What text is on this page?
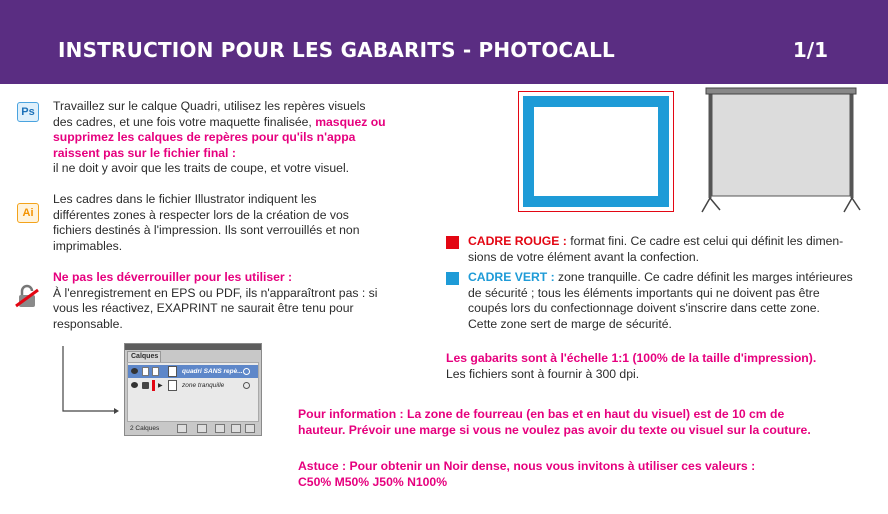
INSTRUCTION POUR LES GABARITS - PHOTOCALL	1/1
Ps	Travaillez sur le calque Quadri, utilisez les repères visuels
des cadres, et une fois votre maquette finalisée, masquez ou
supprimez les calques de repères pour qu'ils n'appa
raissent pas sur le fichier final :
il ne doit y avoir que les traits de coupe, et votre visuel.
Ai
Les cadres dans le fichier Illustrator indiquent les
différentes zones à respecter lors de la création de vos
fichiers destinés à l'impression. Ils sont verrouillés et non
imprimables.
Ne pas les déverrouiller pour les utiliser :
À l'enregistrement en EPS ou PDF, ils n'apparaîtront pas : si
vous les réactivez, EXAPRINT ne saurait être tenu pour
responsable.
Calques
quadri SANS repè...
▶	zone tranquille
2 Calques
CADRE ROUGE : format fini. Ce cadre est celui qui définit les dimen-
sions de votre élément avant la confection.
CADRE VERT : zone tranquille. Ce cadre définit les marges intérieures
de sécurité ; tous les éléments importants qui ne doivent pas être
coupés lors du confectionnage doivent s'inscrire dans cette zone.
Cette zone sert de marge de sécurité.
Les gabarits sont à l'échelle 1:1 (100% de la taille d'impression).
Les fichiers sont à fournir à 300 dpi.
Pour information : La zone de fourreau (en bas et en haut du visuel) est de 10 cm de
hauteur. Prévoir une marge si vous ne voulez pas avoir du texte ou visuel sur la couture.
Astuce : Pour obtenir un Noir dense, nous vous invitons à utiliser ces valeurs :
C50% M50% J50% N100%
